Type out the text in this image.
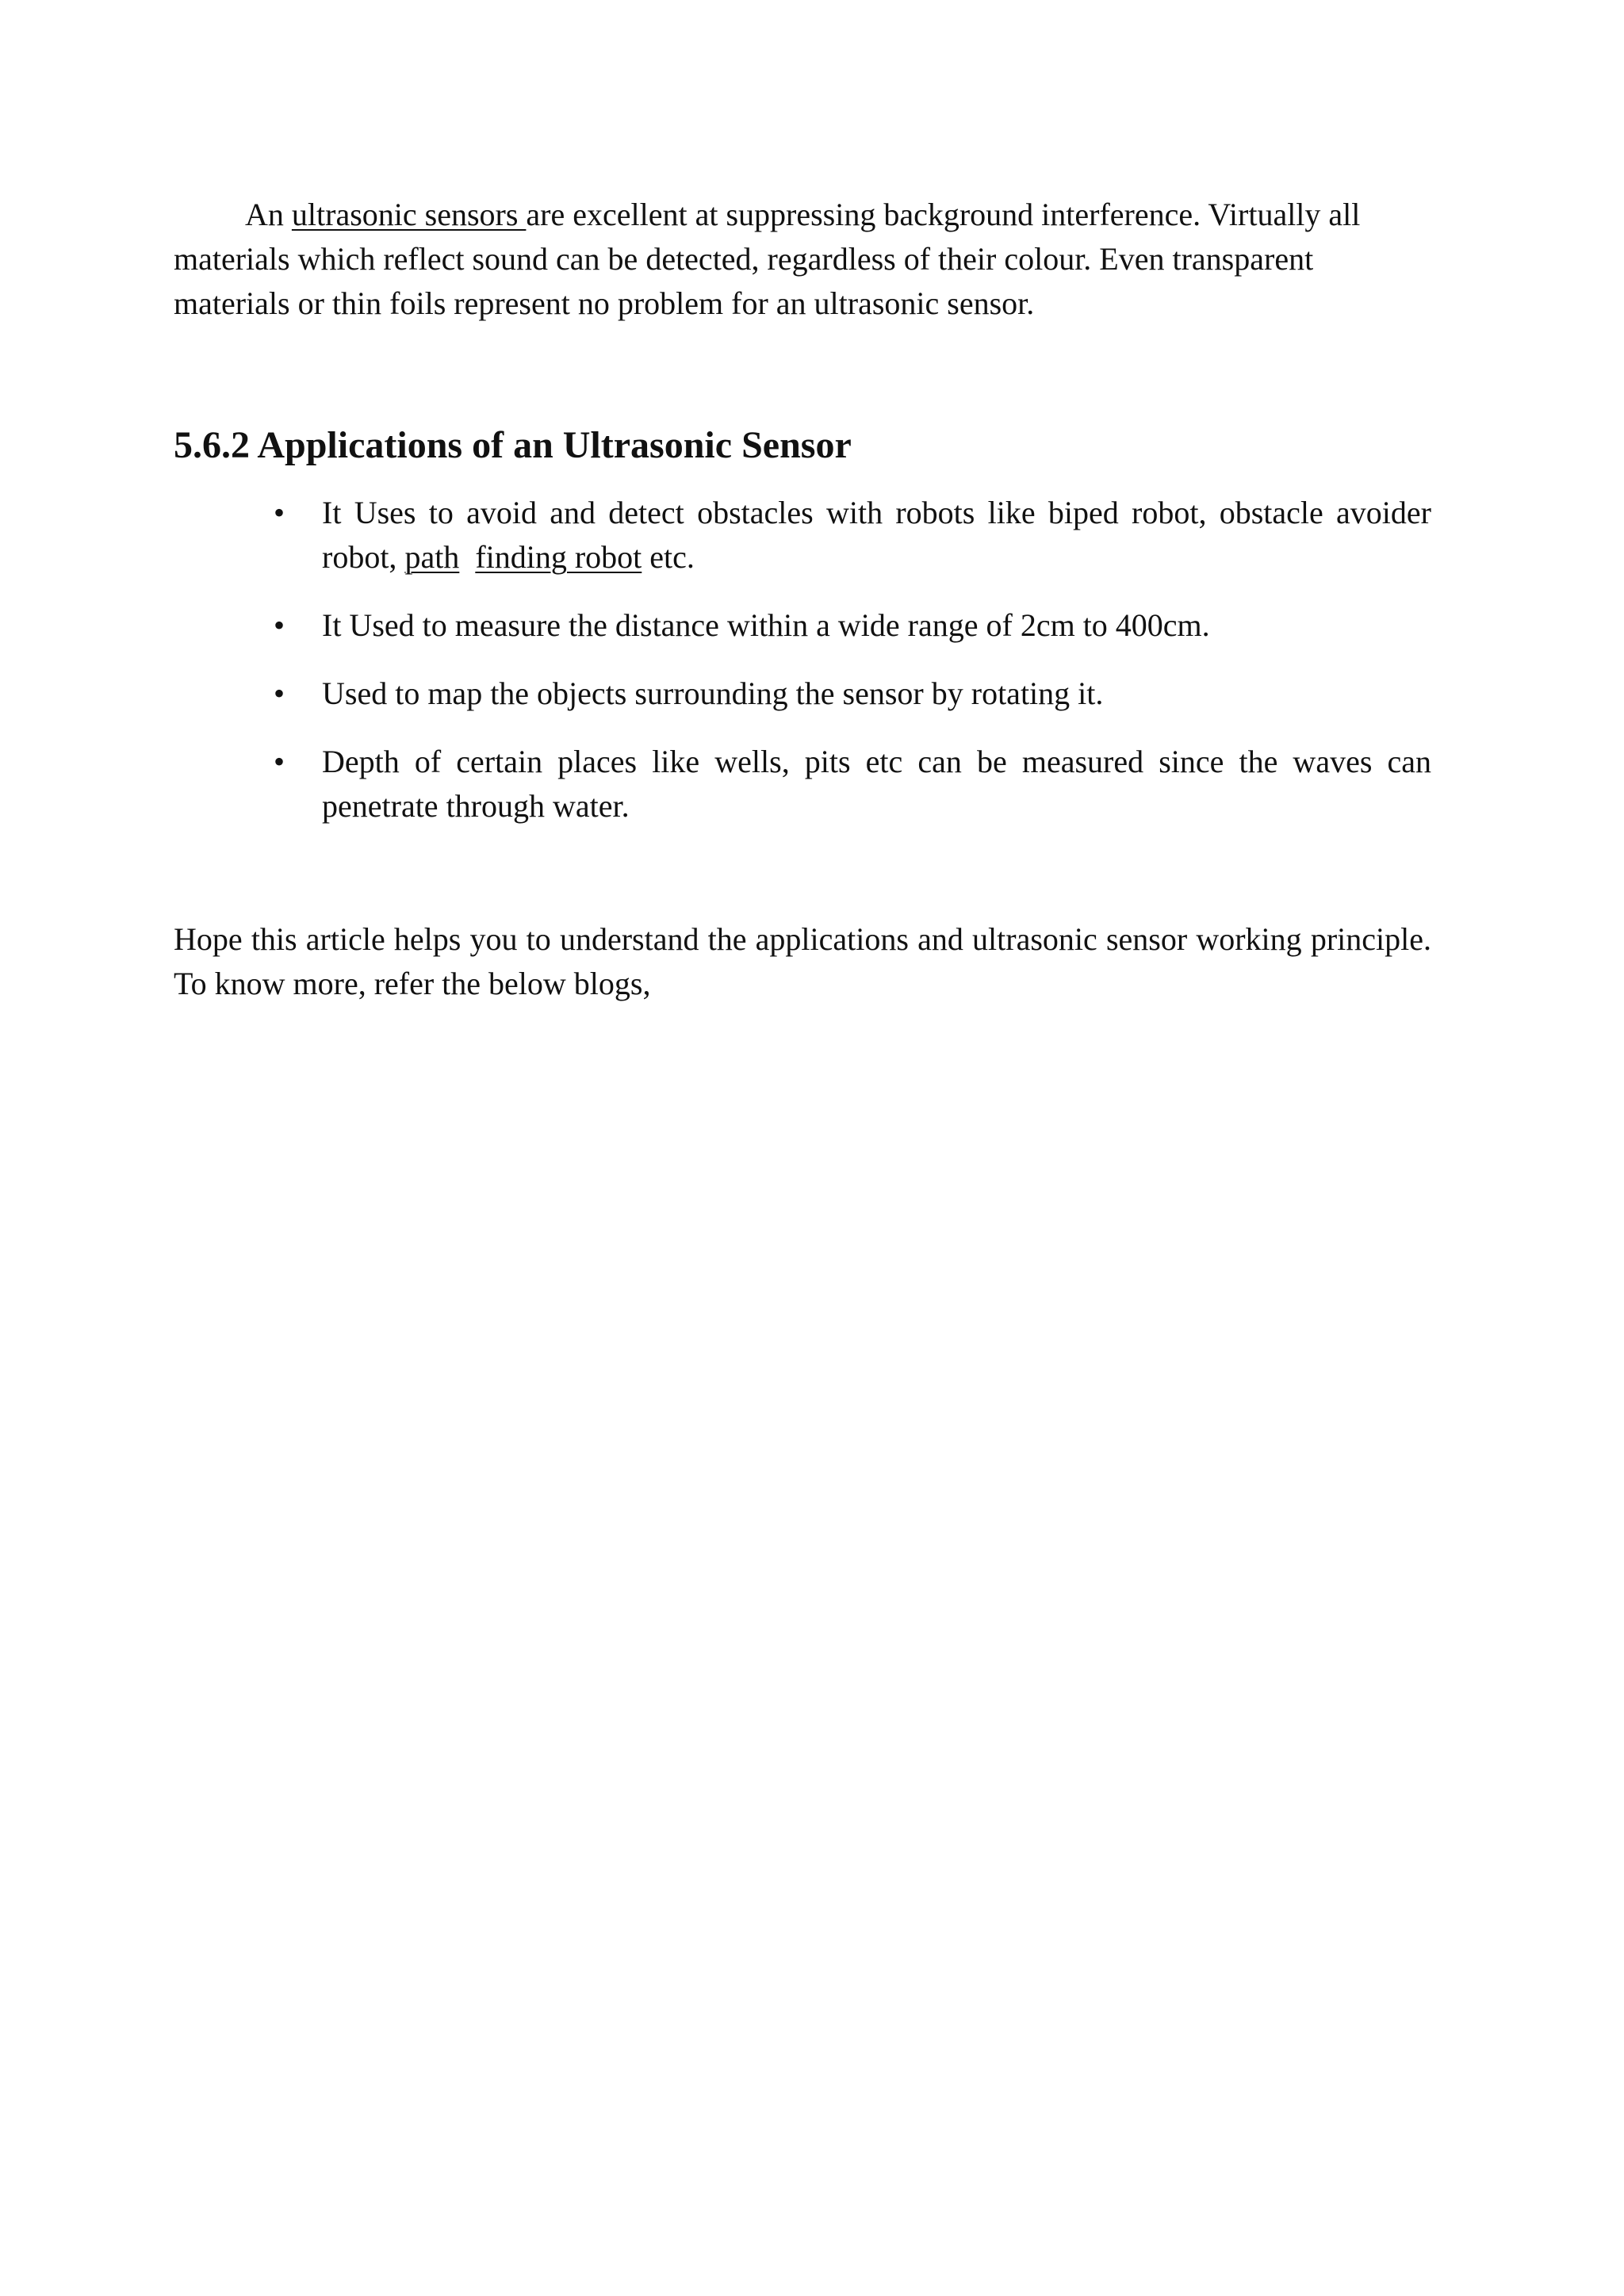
An ultrasonic sensors are excellent at suppressing background interference. Virtually all
materials which reflect sound can be detected, regardless of their colour. Even transparent
materials or thin foils represent no problem for an ultrasonic sensor.

5.6.2 Applications of an Ultrasonic Sensor
• It Uses to avoid and detect obstacles with robots like biped robot, obstacle avoider robot, path finding robot etc.
• It Used to measure the distance within a wide range of 2cm to 400cm.
• Used to map the objects surrounding the sensor by rotating it.
• Depth of certain places like wells, pits etc can be measured since the waves can penetrate through water.

Hope this article helps you to understand the applications and ultrasonic sensor working principle. To know more, refer the below blogs,
